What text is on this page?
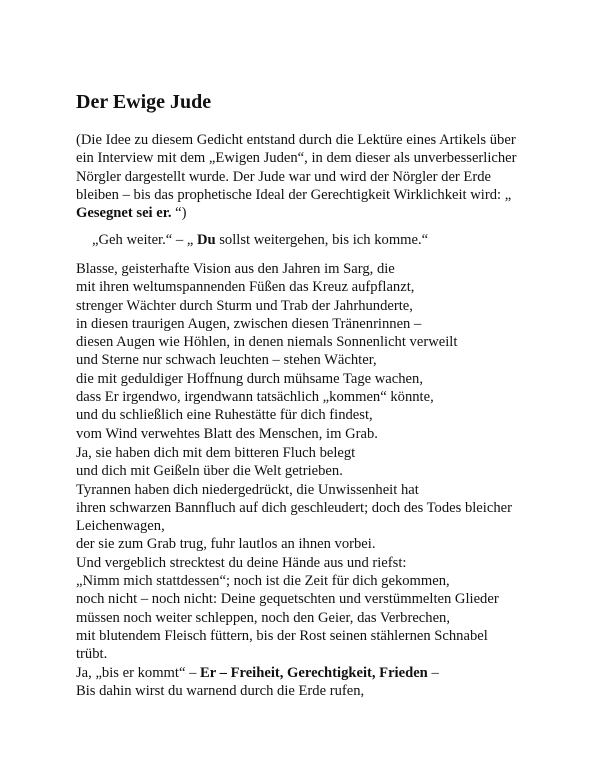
Der Ewige Jude

(Die Idee zu diesem Gedicht entstand durch die Lektüre eines Artikels über
ein Interview mit dem „Ewigen Juden“, in dem dieser als unverbesserlicher
Nörgler dargestellt wurde. Der Jude war und wird der Nörgler der Erde
bleiben – bis das prophetische Ideal der Gerechtigkeit Wirklichkeit wird: „
Gesegnet sei er. “)

„Geh weiter.“ – „ Du sollst weitergehen, bis ich komme.“

Blasse, geisterhafte Vision aus den Jahren im Sarg, die
mit ihren weltumspannenden Füßen das Kreuz aufpflanzt,
strenger Wächter durch Sturm und Trab der Jahrhunderte,
in diesen traurigen Augen, zwischen diesen Tränenrinnen –
diesen Augen wie Höhlen, in denen niemals Sonnenlicht verweilt
und Sterne nur schwach leuchten – stehen Wächter,
die mit geduldiger Hoffnung durch mühsame Tage wachen,
dass Er irgendwo, irgendwann tatsächlich „kommen“ könnte,
und du schließlich eine Ruhestätte für dich findest,
vom Wind verwehtes Blatt des Menschen, im Grab.

Ja, sie haben dich mit dem bitteren Fluch belegt
und dich mit Geißeln über die Welt getrieben.
Tyrannen haben dich niedergedrückt, die Unwissenheit hat
ihren schwarzen Bannfluch auf dich geschleudert; doch des Todes bleicher
Leichenwagen,
der sie zum Grab trug, fuhr lautlos an ihnen vorbei.
Und vergeblich strecktest du deine Hände aus und riefst:
„Nimm mich stattdessen“; noch ist die Zeit für dich gekommen,
noch nicht – noch nicht: Deine gequetschten und verstümmelten Glieder
müssen noch weiter schleppen, noch den Geier, das Verbrechen,
mit blutendem Fleisch füttern, bis der Rost seinen stählernen Schnabel
trübt.

Ja, „bis er kommt“ – Er – Freiheit, Gerechtigkeit, Frieden –
Bis dahin wirst du warnend durch die Erde rufen,
